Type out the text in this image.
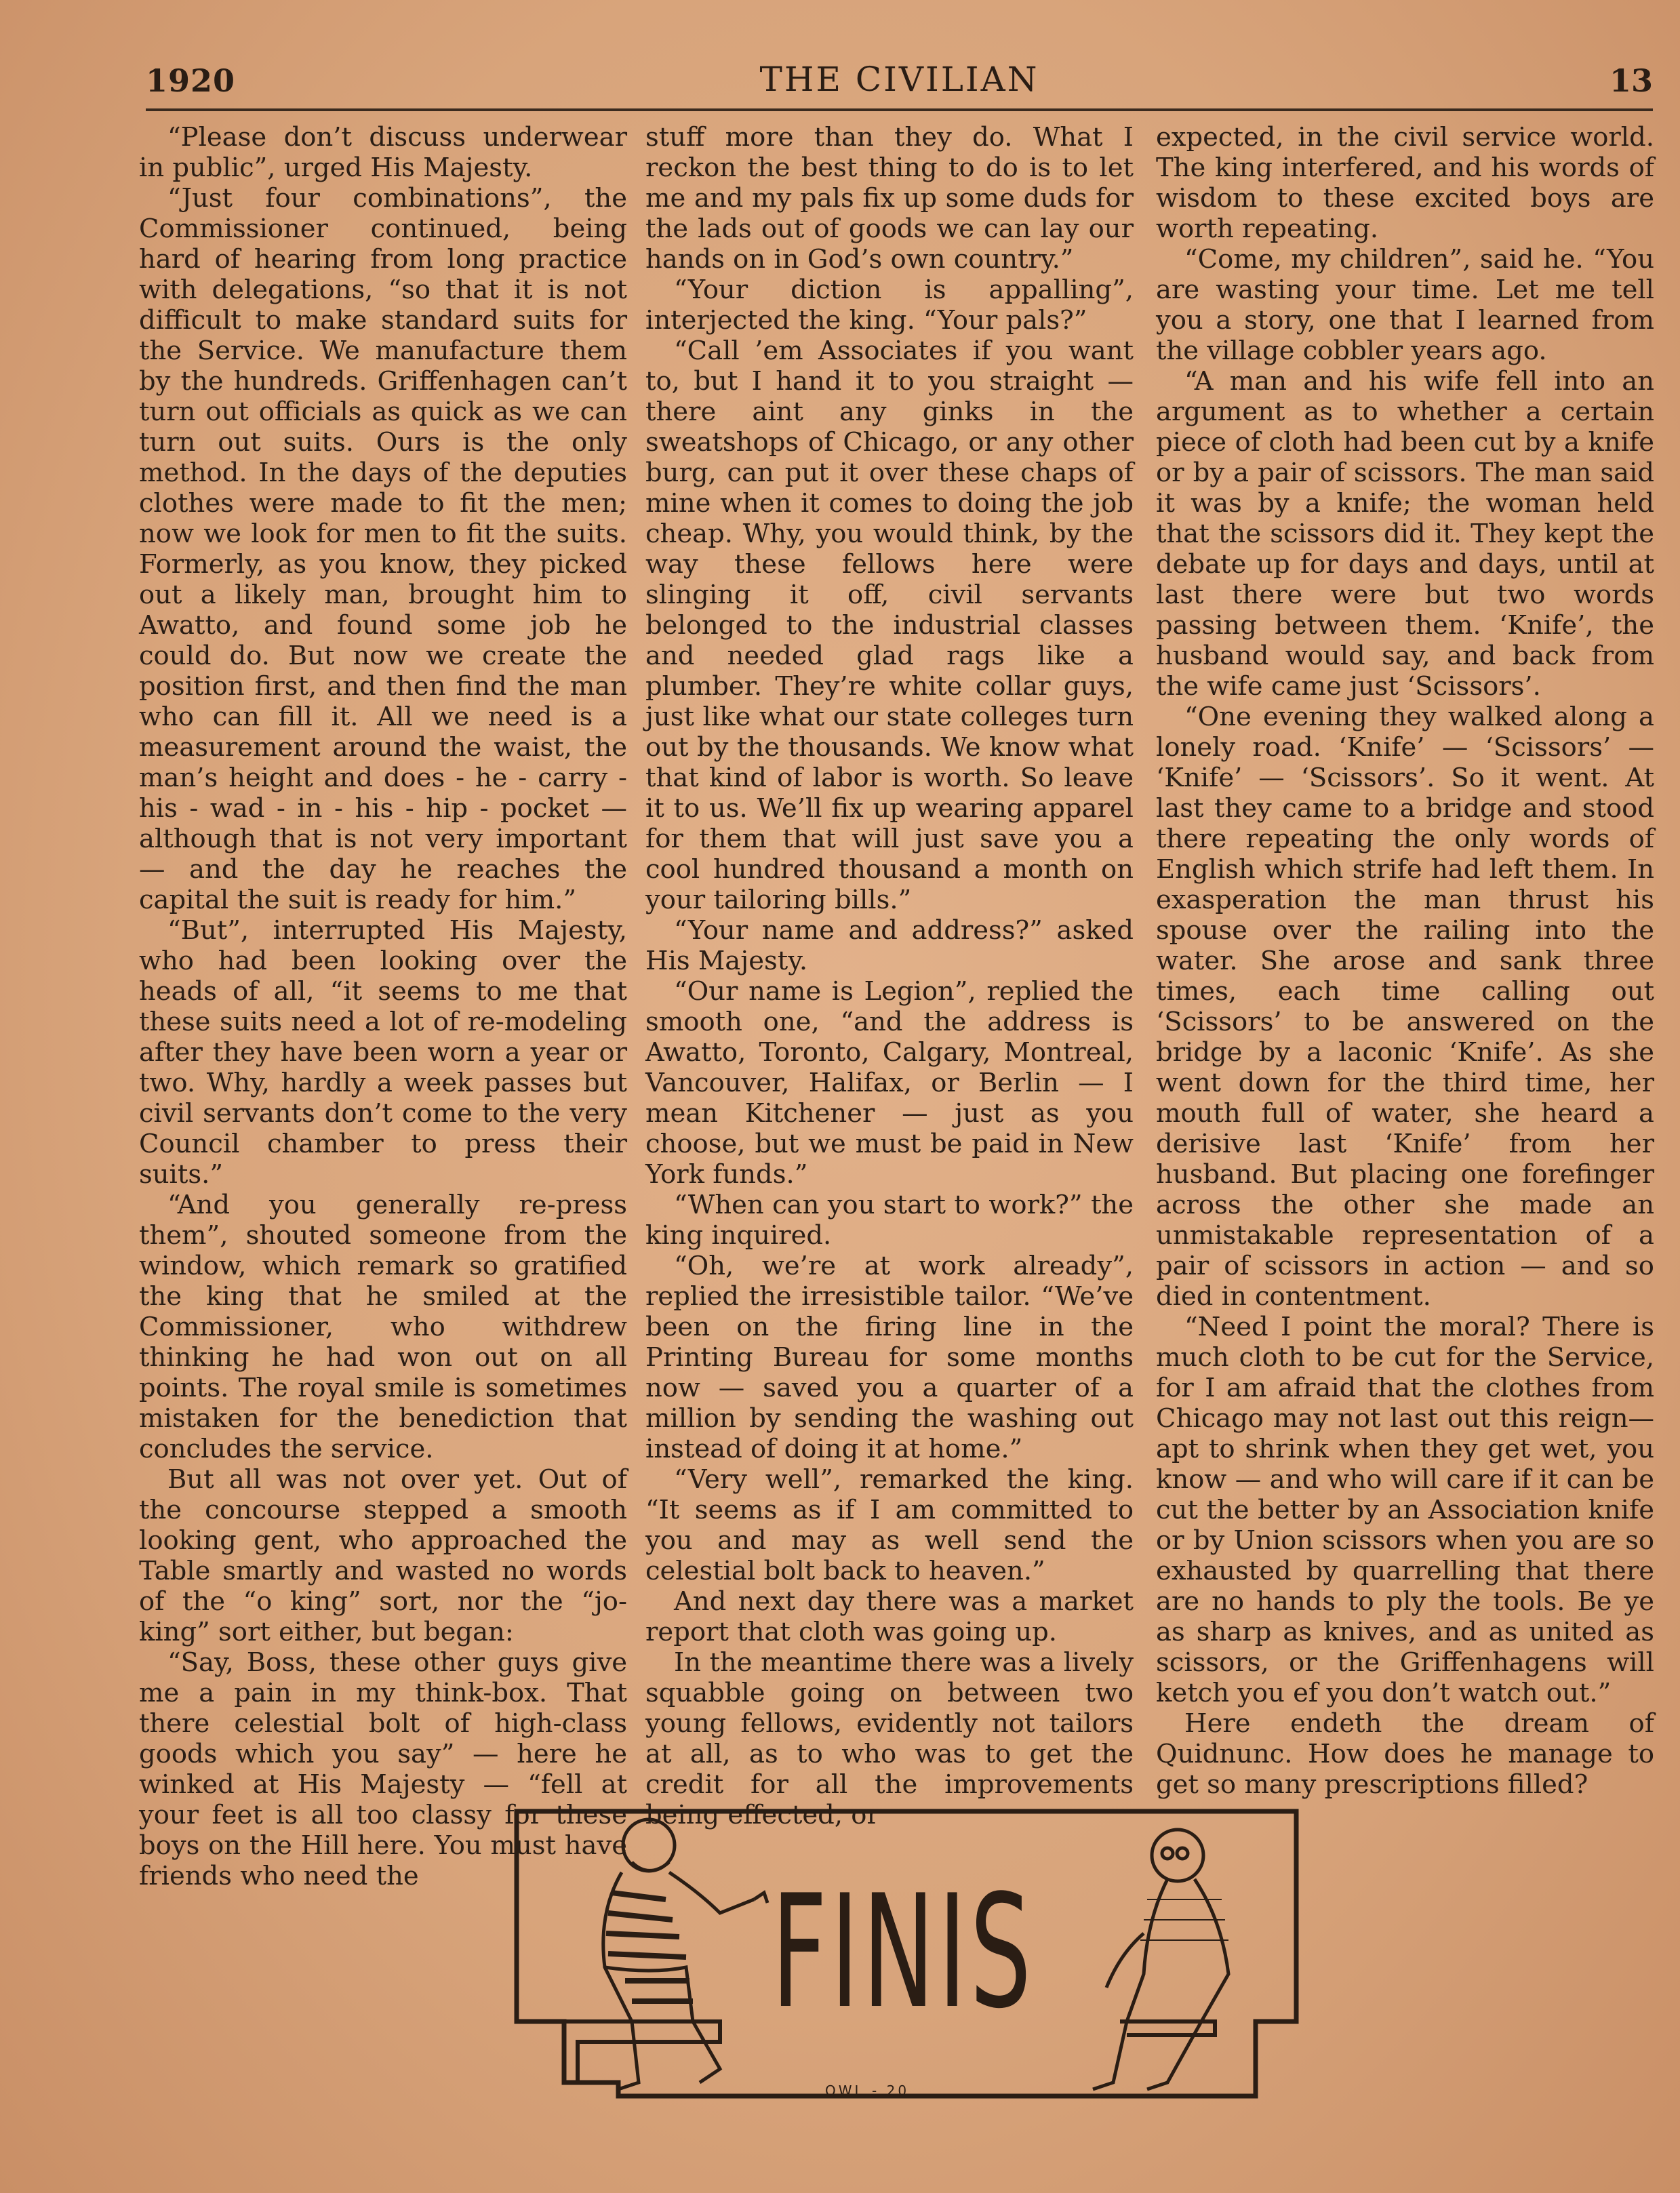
1920	THE CIVILIAN	13

“Please don’t discuss underwear in public”, urged His Majesty.

“Just four combinations”, the Commissioner continued, being hard of hearing from long practice with delegations, “so that it is not difficult to make standard suits for the Service. We manufacture them by the hundreds. Griffenhagen can’t turn out officials as quick as we can turn out suits. Ours is the only method. In the days of the deputies clothes were made to fit the men; now we look for men to fit the suits. Formerly, as you know, they picked out a likely man, brought him to Awatto, and found some job he could do. But now we create the position first, and then find the man who can fill it. All we need is a measurement around the waist, the man’s height and does - he - carry - his - wad - in - his - hip - pocket — although that is not very important— and the day he reaches the capital the suit is ready for him.”

“But”, interrupted His Majesty, who had been looking over the heads of all, “it seems to me that these suits need a lot of re-modeling after they have been worn a year or two. Why, hardly a week passes but civil servants don’t come to the very Council chamber to press their suits.”

“And you generally re-press them”, shouted someone from the window, which remark so gratified the king that he smiled at the Commissioner, who withdrew thinking he had won out on all points. The royal smile is sometimes mistaken for the benediction that concludes the service.

But all was not over yet. Out of the concourse stepped a smooth looking gent, who approached the Table smartly and wasted no words of the “o king” sort, nor the “jo-king” sort either, but began:

“Say, Boss, these other guys give me a pain in my think-box. That there celestial bolt of high-class goods which you say” — here he winked at His Majesty — “fell at your feet is all too classy for these boys on the Hill here. You must have friends who need the

stuff more than they do. What I reckon the best thing to do is to let me and my pals fix up some duds for the lads out of goods we can lay our hands on in God’s own country.”

“Your diction is appalling”, interjected the king. “Your pals?”

“Call ’em Associates if you want to, but I hand it to you straight — there aint any ginks in the sweatshops of Chicago, or any other burg, can put it over these chaps of mine when it comes to doing the job cheap. Why, you would think, by the way these fellows here were slinging it off, civil servants belonged to the industrial classes and needed glad rags like a plumber. They’re white collar guys, just like what our state colleges turn out by the thousands. We know what that kind of labor is worth. So leave it to us. We’ll fix up wearing apparel for them that will just save you a cool hundred thousand a month on your tailoring bills.”

“Your name and address?” asked His Majesty.

“Our name is Legion”, replied the smooth one, “and the address is Awatto, Toronto, Calgary, Montreal, Vancouver, Halifax, or Berlin — I mean Kitchener — just as you choose, but we must be paid in New York funds.”

“When can you start to work?” the king inquired.

“Oh, we’re at work already”, replied the irresistible tailor. “We’ve been on the firing line in the Printing Bureau for some months now — saved you a quarter of a million by sending the washing out instead of doing it at home.”

“Very well”, remarked the king. “It seems as if I am committed to you and may as well send the celestial bolt back to heaven.”

And next day there was a market report that cloth was going up.

In the meantime there was a lively squabble going on between two young fellows, evidently not tailors at all, as to who was to get the credit for all the improvements being effected, or

expected, in the civil service world. The king interfered, and his words of wisdom to these excited boys are worth repeating.

“Come, my children”, said he. “You are wasting your time. Let me tell you a story, one that I learned from the village cobbler years ago.

“A man and his wife fell into an argument as to whether a certain piece of cloth had been cut by a knife or by a pair of scissors. The man said it was by a knife; the woman held that the scissors did it. They kept the debate up for days and days, until at last there were but two words passing between them. ‘Knife’, the husband would say, and back from the wife came just ‘Scissors’.

“One evening they walked along a lonely road. ‘Knife’ — ‘Scissors’ — ‘Knife’ — ‘Scissors’. So it went. At last they came to a bridge and stood there repeating the only words of English which strife had left them. In exasperation the man thrust his spouse over the railing into the water. She arose and sank three times, each time calling out ‘Scissors’ to be answered on the bridge by a laconic ‘Knife’. As she went down for the third time, her mouth full of water, she heard a derisive last ‘Knife’ from her husband. But placing one forefinger across the other she made an unmistakable representation of a pair of scissors in action — and so died in contentment.

“Need I point the moral? There is much cloth to be cut for the Service, for I am afraid that the clothes from Chicago may not last out this reign— apt to shrink when they get wet, you know — and who will care if it can be cut the better by an Association knife or by Union scissors when you are so exhausted by quarrelling that there are no hands to ply the tools. Be ye as sharp as knives, and as united as scissors, or the Griffenhagens will ketch you ef you don’t watch out.”

Here endeth the dream of Quidnunc. How does he manage to get so many prescriptions filled?

FINIS
OWL - 20
